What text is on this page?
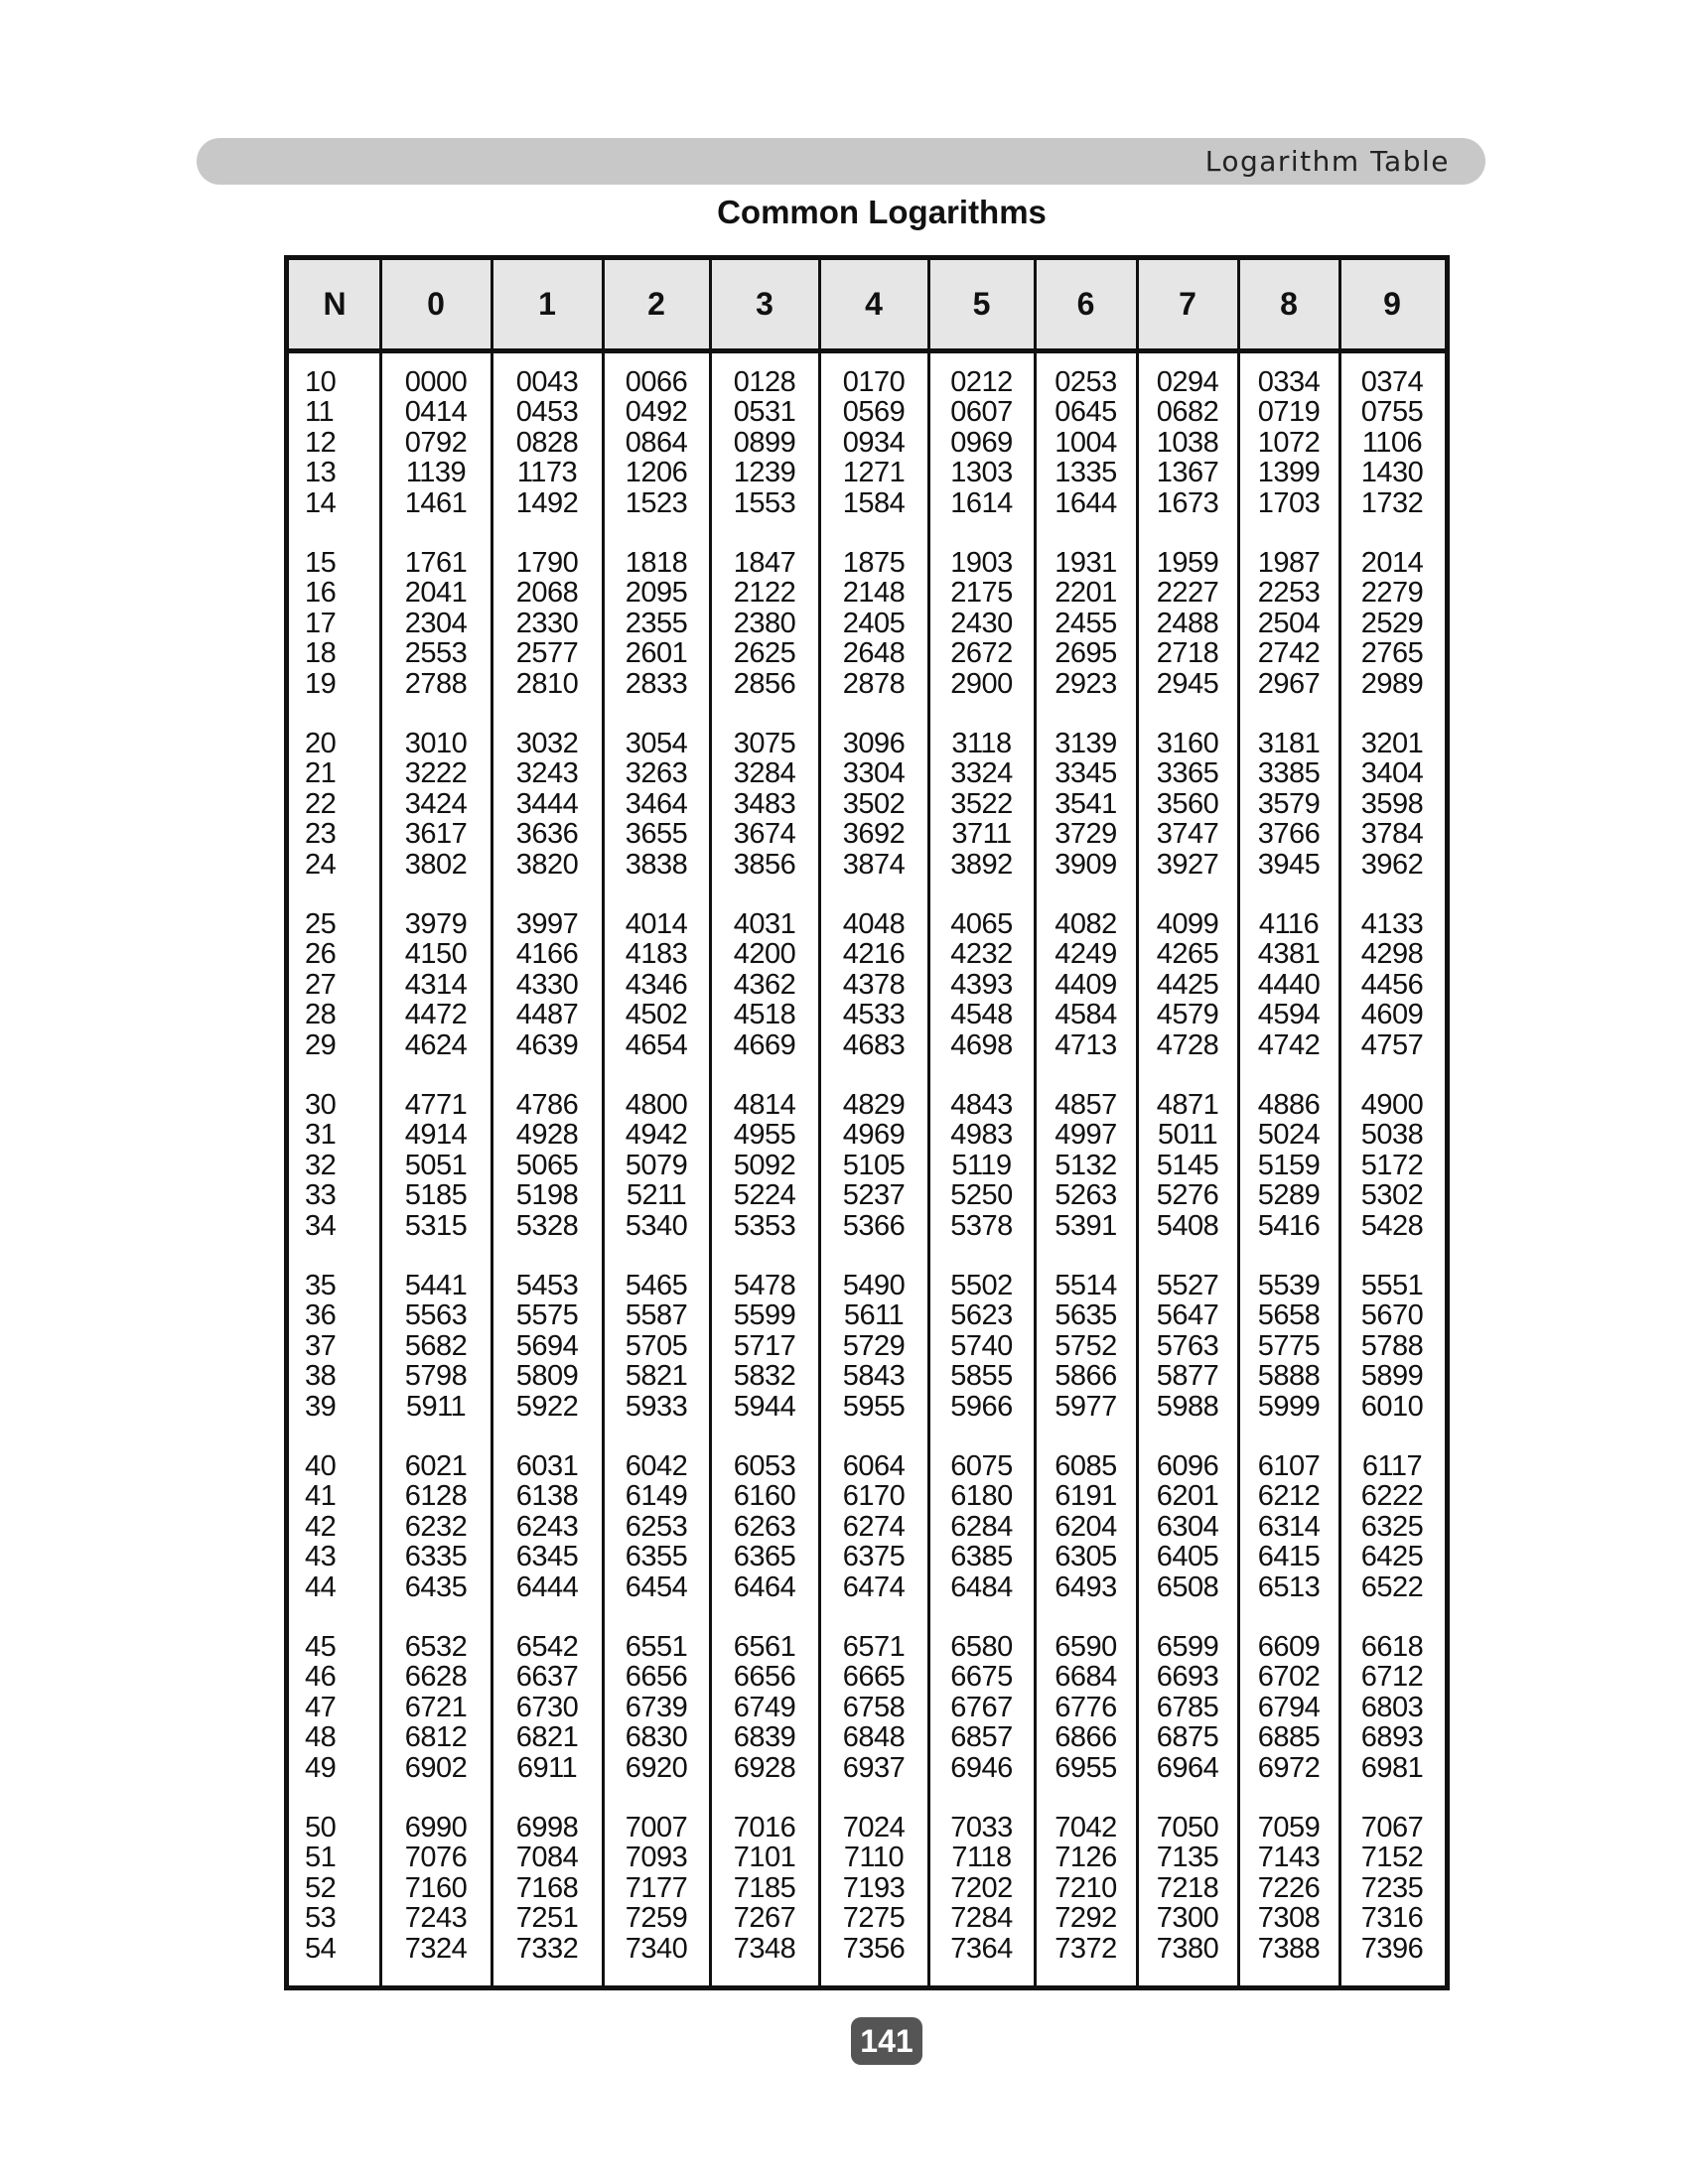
Logarithm Table
Common Logarithms
N	0	1	2	3	4	5	6	7	8	9
10	0000	0043	0066	0128	0170	0212	0253	0294	0334	0374
11	0414	0453	0492	0531	0569	0607	0645	0682	0719	0755
12	0792	0828	0864	0899	0934	0969	1004	1038	1072	1106
13	1139	1173	1206	1239	1271	1303	1335	1367	1399	1430
14	1461	1492	1523	1553	1584	1614	1644	1673	1703	1732
15	1761	1790	1818	1847	1875	1903	1931	1959	1987	2014
16	2041	2068	2095	2122	2148	2175	2201	2227	2253	2279
17	2304	2330	2355	2380	2405	2430	2455	2488	2504	2529
18	2553	2577	2601	2625	2648	2672	2695	2718	2742	2765
19	2788	2810	2833	2856	2878	2900	2923	2945	2967	2989
20	3010	3032	3054	3075	3096	3118	3139	3160	3181	3201
21	3222	3243	3263	3284	3304	3324	3345	3365	3385	3404
22	3424	3444	3464	3483	3502	3522	3541	3560	3579	3598
23	3617	3636	3655	3674	3692	3711	3729	3747	3766	3784
24	3802	3820	3838	3856	3874	3892	3909	3927	3945	3962
25	3979	3997	4014	4031	4048	4065	4082	4099	4116	4133
26	4150	4166	4183	4200	4216	4232	4249	4265	4381	4298
27	4314	4330	4346	4362	4378	4393	4409	4425	4440	4456
28	4472	4487	4502	4518	4533	4548	4584	4579	4594	4609
29	4624	4639	4654	4669	4683	4698	4713	4728	4742	4757
30	4771	4786	4800	4814	4829	4843	4857	4871	4886	4900
31	4914	4928	4942	4955	4969	4983	4997	5011	5024	5038
32	5051	5065	5079	5092	5105	5119	5132	5145	5159	5172
33	5185	5198	5211	5224	5237	5250	5263	5276	5289	5302
34	5315	5328	5340	5353	5366	5378	5391	5408	5416	5428
35	5441	5453	5465	5478	5490	5502	5514	5527	5539	5551
36	5563	5575	5587	5599	5611	5623	5635	5647	5658	5670
37	5682	5694	5705	5717	5729	5740	5752	5763	5775	5788
38	5798	5809	5821	5832	5843	5855	5866	5877	5888	5899
39	5911	5922	5933	5944	5955	5966	5977	5988	5999	6010
40	6021	6031	6042	6053	6064	6075	6085	6096	6107	6117
41	6128	6138	6149	6160	6170	6180	6191	6201	6212	6222
42	6232	6243	6253	6263	6274	6284	6204	6304	6314	6325
43	6335	6345	6355	6365	6375	6385	6305	6405	6415	6425
44	6435	6444	6454	6464	6474	6484	6493	6508	6513	6522
45	6532	6542	6551	6561	6571	6580	6590	6599	6609	6618
46	6628	6637	6656	6656	6665	6675	6684	6693	6702	6712
47	6721	6730	6739	6749	6758	6767	6776	6785	6794	6803
48	6812	6821	6830	6839	6848	6857	6866	6875	6885	6893
49	6902	6911	6920	6928	6937	6946	6955	6964	6972	6981
50	6990	6998	7007	7016	7024	7033	7042	7050	7059	7067
51	7076	7084	7093	7101	7110	7118	7126	7135	7143	7152
52	7160	7168	7177	7185	7193	7202	7210	7218	7226	7235
53	7243	7251	7259	7267	7275	7284	7292	7300	7308	7316
54	7324	7332	7340	7348	7356	7364	7372	7380	7388	7396
141
